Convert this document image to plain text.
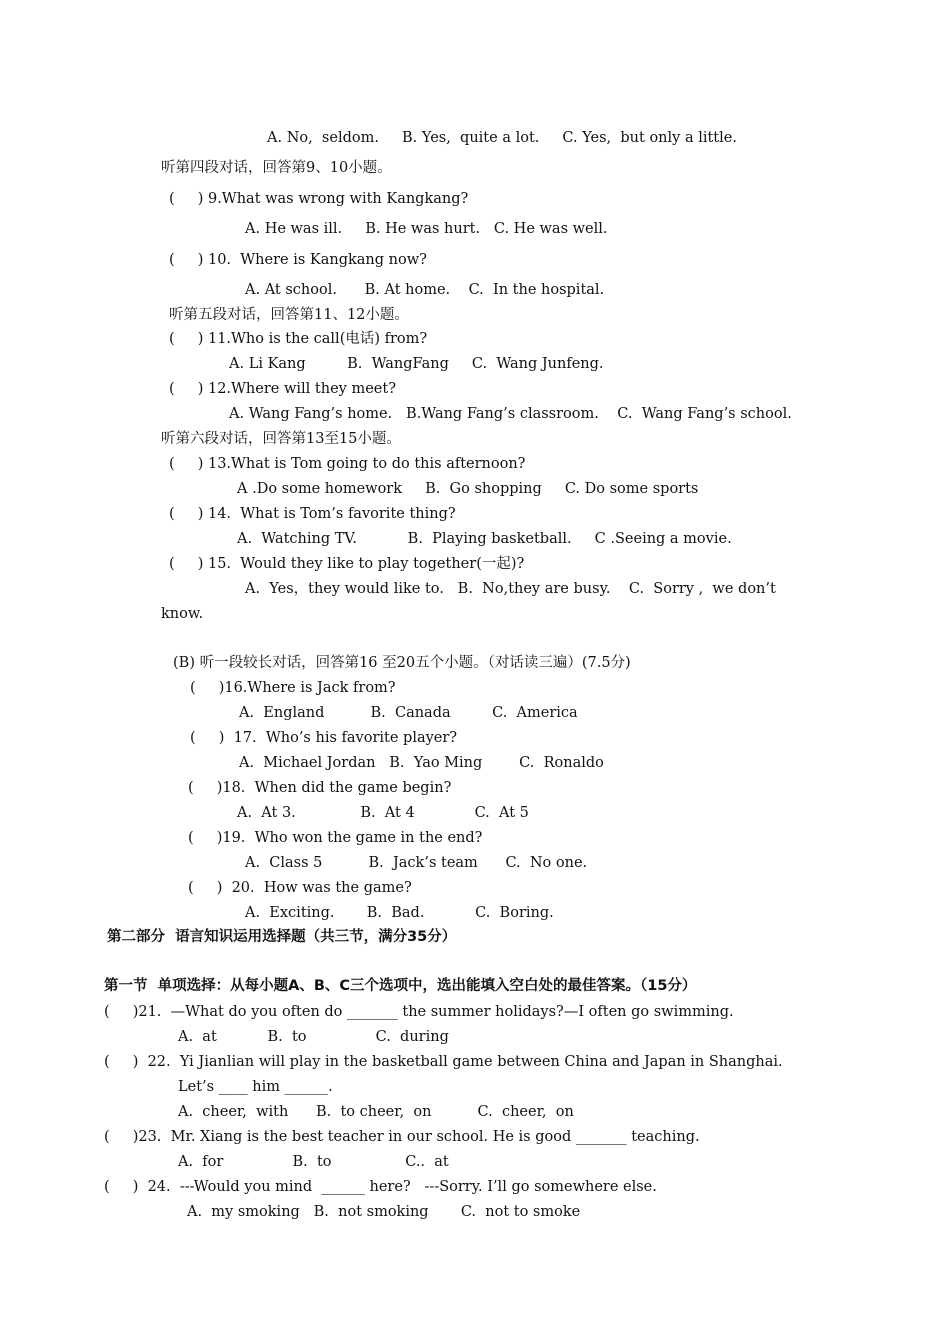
A. No,  seldom.     B. Yes,  quite a lot.     C. Yes,  but only a little.
听第四段对话，回答第9、10小题。
(     ) 9.What was wrong with Kangkang?
A. He was ill.     B. He was hurt.   C. He was well.
(     ) 10.  Where is Kangkang now?
A. At school.      B. At home.    C.  In the hospital.
听第五段对话，回答第11、12小题。
(     ) 11.Who is the call(电话) from?
A. Li Kang         B.  WangFang     C.  Wang Junfeng.
(     ) 12.Where will they meet?
A. Wang Fang’s home.   B.Wang Fang’s classroom.    C.  Wang Fang’s school.
听第六段对话，回答第13至15小题。
(     ) 13.What is Tom going to do this afternoon?
A .Do some homework     B.  Go shopping     C. Do some sports
(     ) 14.  What is Tom’s favorite thing?
A.  Watching TV.           B.  Playing basketball.     C .Seeing a movie.
(     ) 15.  Would they like to play together(一起)?
A.  Yes，they would like to.   B.  No,they are busy.    C.  Sorry ,  we don’t
know.
(B) 听一段较长对话，回答第16 至20五个小题。（对话读三遍）(7.5分)
(     )16.Where is Jack from?
A.  England          B.  Canada         C.  America
(     )  17.  Who’s his favorite player?
A.  Michael Jordan   B.  Yao Ming        C.  Ronaldo
(     )18.  When did the game begin?
A.  At 3.              B.  At 4             C.  At 5
(     )19.  Who won the game in the end?
A.  Class 5          B.  Jack’s team      C.  No one.
(     )  20.  How was the game?
A.  Exciting.       B.  Bad.           C.  Boring.
第二部分  语言知识运用选择题（共三节，满分35分）
第一节  单项选择：从每小题A、B、C三个选项中，选出能填入空白处的最佳答案。（15分）
(     )21.  —What do you often do _______ the summer holidays?—I often go swimming.
A.  at           B.  to               C.  during
(     )  22.  Yi Jianlian will play in the basketball game between China and Japan in Shanghai.
Let’s ____ him ______.
A.  cheer,  with      B.  to cheer,  on          C.  cheer,  on
(     )23.  Mr. Xiang is the best teacher in our school. He is good _______ teaching.
A.  for               B.  to                C..  at
(     )  24.  ---Would you mind  ______ here?   ---Sorry. I’ll go somewhere else.
A.  my smoking   B.  not smoking       C.  not to smoke
